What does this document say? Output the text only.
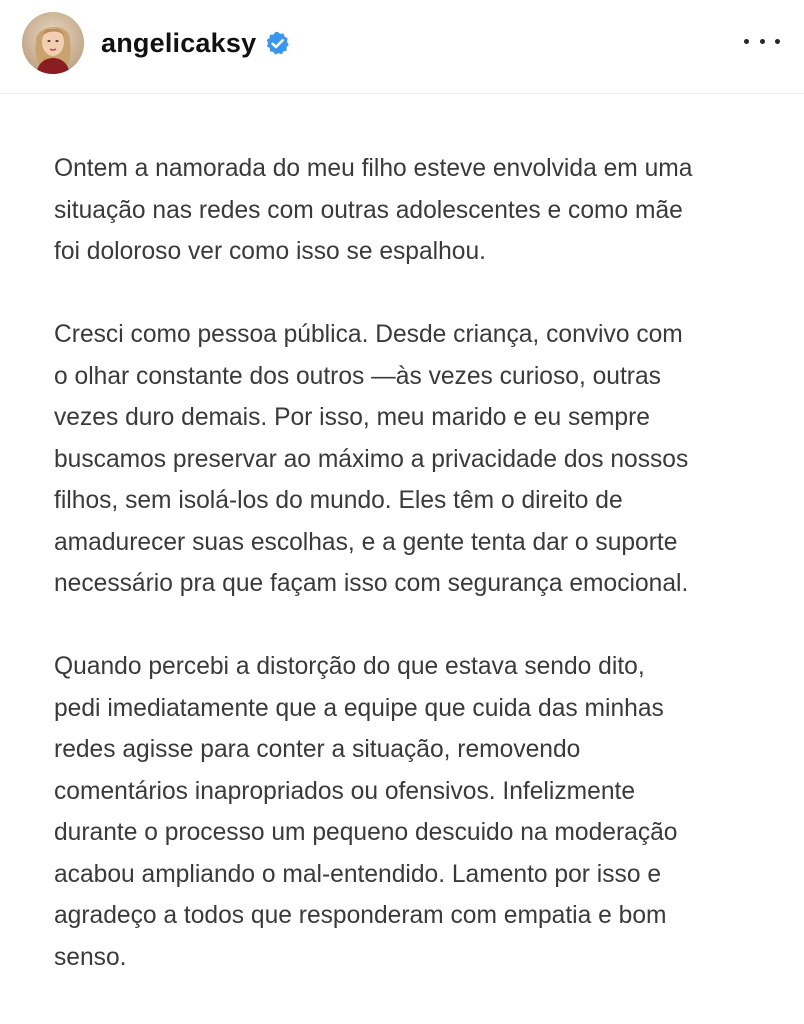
angelicaksy

Ontem a namorada do meu filho esteve envolvida em uma
situação nas redes com outras adolescentes e como mãe
foi doloroso ver como isso se espalhou.

Cresci como pessoa pública. Desde criança, convivo com
o olhar constante dos outros —às vezes curioso, outras
vezes duro demais. Por isso, meu marido e eu sempre
buscamos preservar ao máximo a privacidade dos nossos
filhos, sem isolá-los do mundo. Eles têm o direito de
amadurecer suas escolhas, e a gente tenta dar o suporte
necessário pra que façam isso com segurança emocional.

Quando percebi a distorção do que estava sendo dito,
pedi imediatamente que a equipe que cuida das minhas
redes agisse para conter a situação, removendo
comentários inapropriados ou ofensivos. Infelizmente
durante o processo um pequeno descuido na moderação
acabou ampliando o mal-entendido. Lamento por isso e
agradeço a todos que responderam com empatia e bom
senso.
